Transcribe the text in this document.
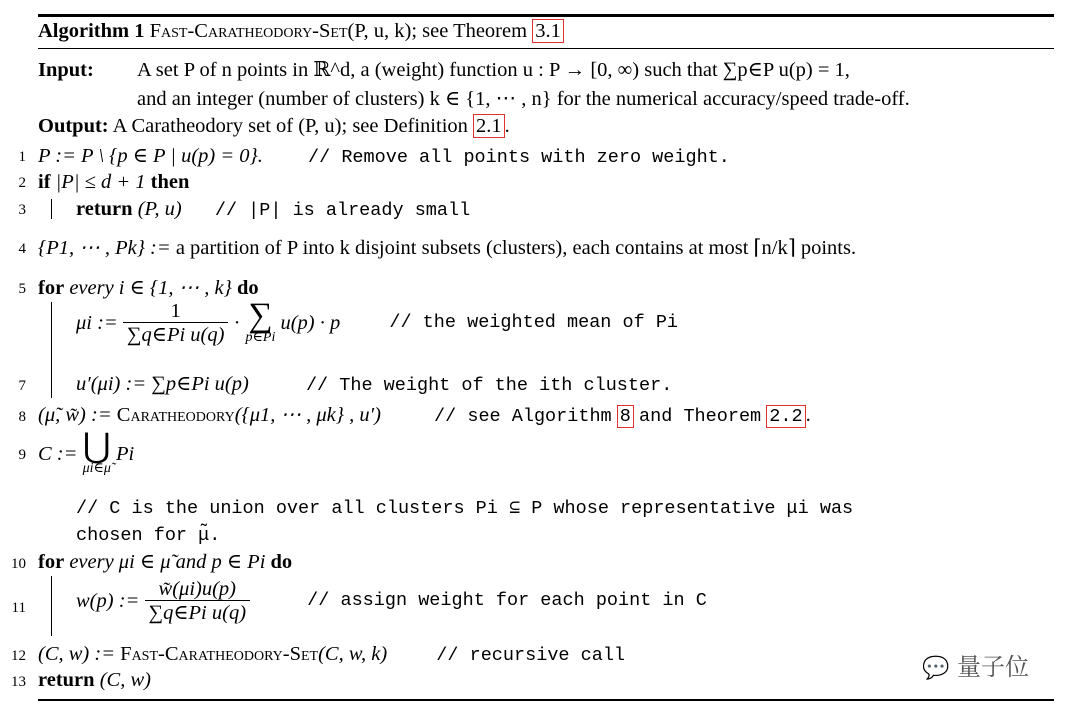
Algorithm 1 Fast-Caratheodory-Set(P, u, k); see Theorem 3.1
Input: A set P of n points in ℝ^d, a (weight) function u : P → [0, ∞) such that ∑p∈P u(p) = 1,
and an integer (number of clusters) k ∈ {1, ⋯ , n} for the numerical accuracy/speed trade-off.
Output: A Caratheodory set of (P, u); see Definition 2.1 .
1 P := P \ {p ∈ P | u(p) = 0}. // Remove all points with zero weight.
2 if |P| ≤ d + 1 then
3 return (P, u) // |P| is already small
4 {P1, ⋯ , Pk} := a partition of P into k disjoint subsets (clusters), each contains at most ⌈n/k⌉ points.
5 for every i ∈ {1, ⋯ , k} do
μi := $\frac{1}{\text{∑q∈Pi u(q)}}$ · ∑
p∈Pi
u(p) · p	// the weighted mean of Pi
7 u′(μi) := ∑p∈Pi u(p)	// The weight of the ith cluster.
8 (μ̃, w̃) := Caratheodory({μ1, ⋯ , μk} , u′)	// see Algorithm 8 and Theorem 2.2 .
9 C := ⋃
μi∈μ̃
Pi
// C is the union over all clusters Pi ⊆ P whose representative μi was
chosen for μ̃.
10 for every μi ∈ μ̃ and p ∈ Pi do
11 w(p) := $\frac{w̃(\mu i)u(p)}{\text{∑q∈Pi u(q)}}$	// assign weight for each point in C
12 (C, w) := Fast-Caratheodory-Set(C, w, k)	// recursive call
13 return (C, w)	💬 量子位
